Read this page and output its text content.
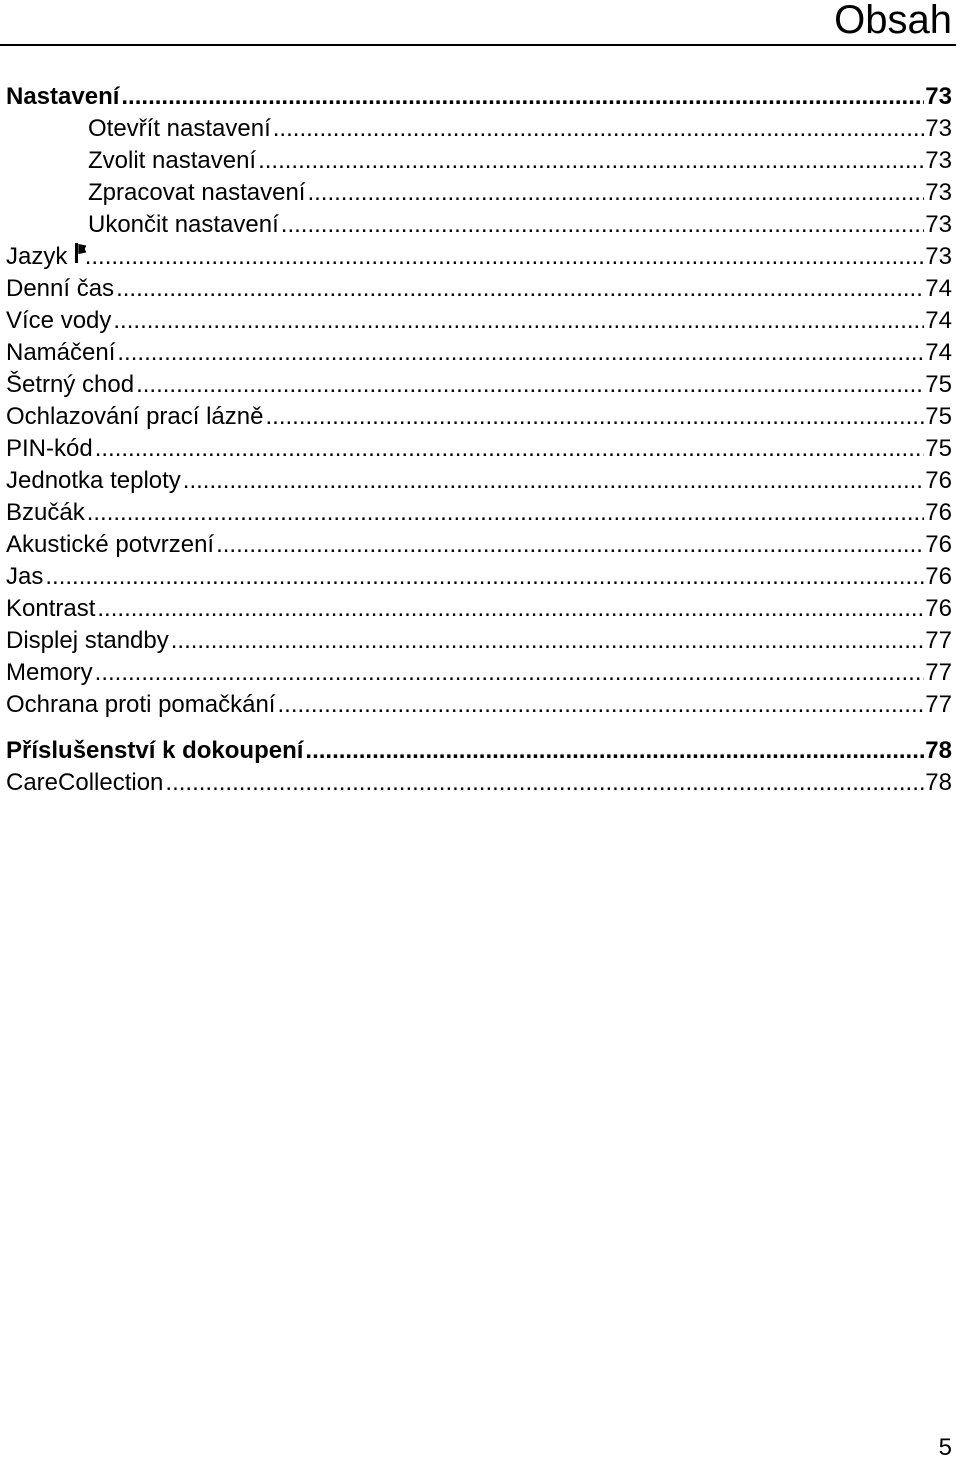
Obsah
Nastavení .....	73
Otevřít nastavení .....	73
Zvolit nastavení .....	73
Zpracovat nastavení .....	73
Ukončit nastavení .....	73
Jazyk .....	73
Denní čas .....	74
Více vody .....	74
Namáčení .....	74
Šetrný chod .....	75
Ochlazování prací lázně .....	75
PIN-kód .....	75
Jednotka teploty .....	76
Bzučák .....	76
Akustické potvrzení .....	76
Jas .....	76
Kontrast .....	76
Displej standby .....	77
Memory .....	77
Ochrana proti pomačkání .....	77
Příslušenství k dokoupení .....	78
CareCollection .....	78

5
